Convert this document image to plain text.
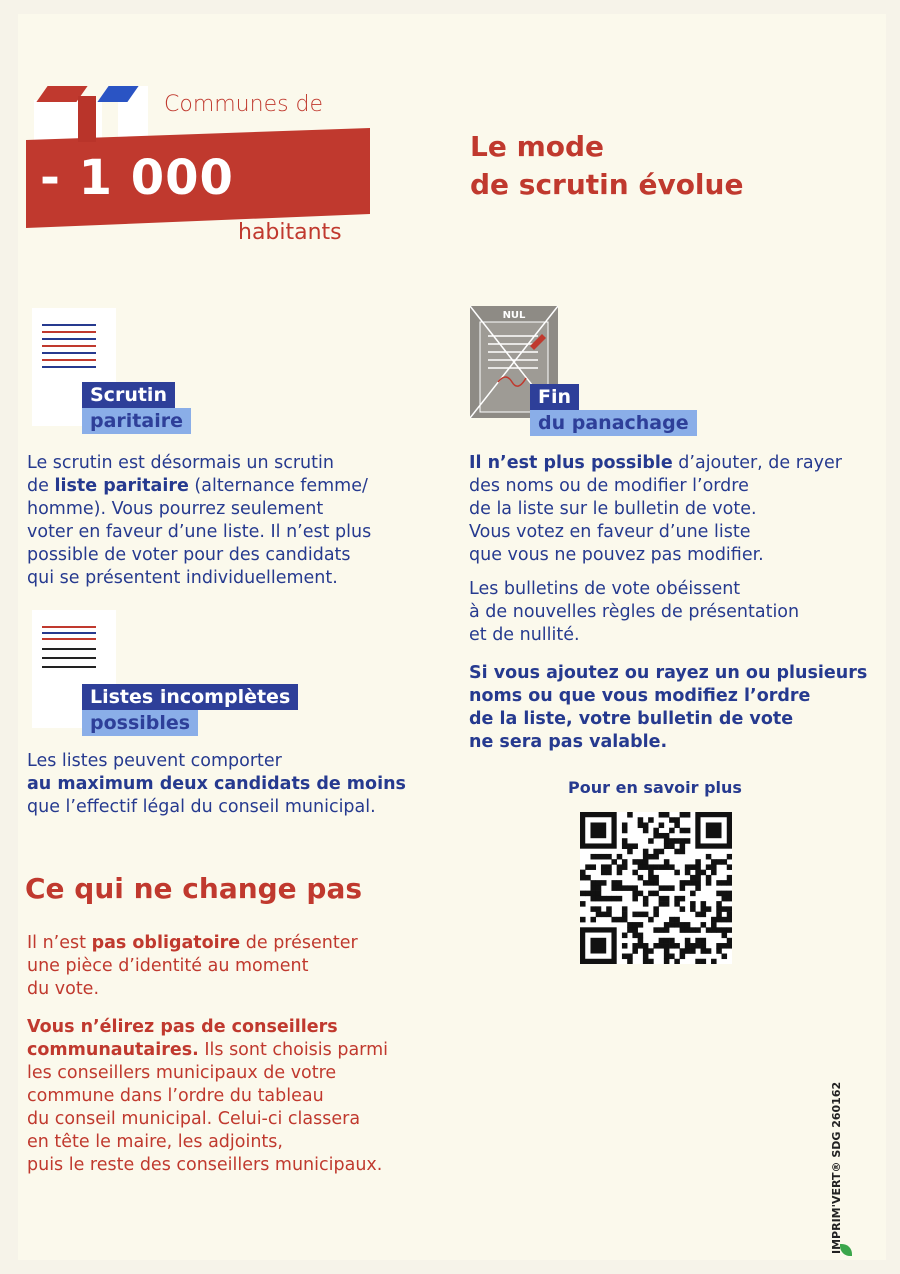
Communes de
- 1 000
habitants
Le mode
de scrutin évolue
Scrutin
paritaire
Le scrutin est désormais un scrutin
de liste paritaire (alternance femme/
homme). Vous pourrez seulement
voter en faveur d’une liste. Il n’est plus
possible de voter pour des candidats
qui se présentent individuellement.
Listes incomplètes
possibles
Les listes peuvent comporter
au maximum deux candidats de moins
que l’effectif légal du conseil municipal.
NUL
Fin
du panachage
Il n’est plus possible d’ajouter, de rayer
des noms ou de modifier l’ordre
de la liste sur le bulletin de vote.
Vous votez en faveur d’une liste
que vous ne pouvez pas modifier.
Les bulletins de vote obéissent
à de nouvelles règles de présentation
et de nullité.
Si vous ajoutez ou rayez un ou plusieurs
noms ou que vous modifiez l’ordre
de la liste, votre bulletin de vote
ne sera pas valable.
Pour en savoir plus
Ce qui ne change pas
Il n’est pas obligatoire de présenter
une pièce d’identité au moment
du vote.
Vous n’élirez pas de conseillers
communautaires. Ils sont choisis parmi
les conseillers municipaux de votre
commune dans l’ordre du tableau
du conseil municipal. Celui-ci classera
en tête le maire, les adjoints,
puis le reste des conseillers municipaux.	IMPRIM'VERT® SDG 260162
